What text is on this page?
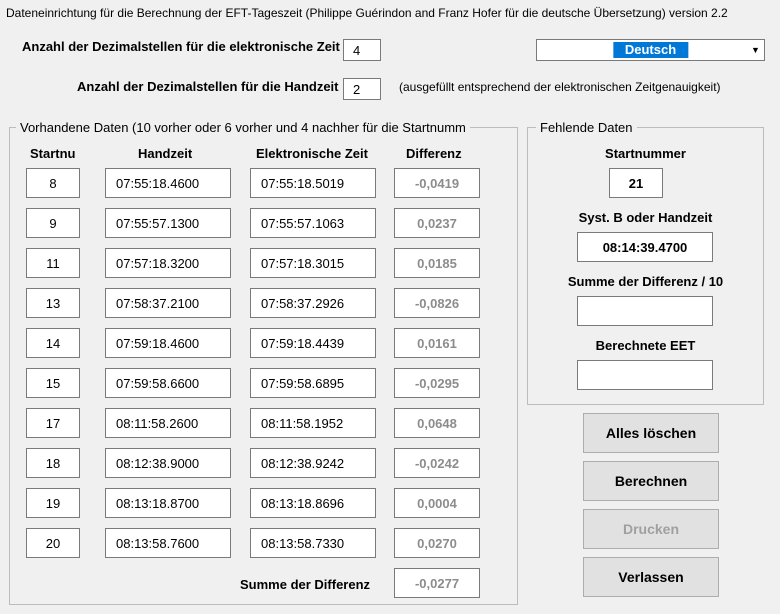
Dateneinrichtung für die Berechnung der EFT-Tageszeit (Philippe Guérindon and Franz Hofer für die deutsche Übersetzung) version 2.2
Anzahl der Dezimalstellen für die elektronische Zeit	4
Anzahl der Dezimalstellen für die Handzeit	2	(ausgefüllt entsprechend der elektronischen Zeitgenauigkeit)
Deutsch	▼
Vorhandene Daten (10 vorher oder 6 vorher und 4 nachher für die Startnumm
Startnu	Handzeit	Elektronische Zeit	Differenz
8	07:55:18.4600	07:55:18.5019	-0,0419
9	07:55:57.1300	07:55:57.1063	0,0237
11	07:57:18.3200	07:57:18.3015	0,0185
13	07:58:37.2100	07:58:37.2926	-0,0826
14	07:59:18.4600	07:59:18.4439	0,0161
15	07:59:58.6600	07:59:58.6895	-0,0295
17	08:11:58.2600	08:11:58.1952	0,0648
18	08:12:38.9000	08:12:38.9242	-0,0242
19	08:13:18.8700	08:13:18.8696	0,0004
20	08:13:58.7600	08:13:58.7330	0,0270
Summe der Differenz	-0,0277
Fehlende Daten
Startnummer
21
Syst. B oder Handzeit
08:14:39.4700
Summe der Differenz / 10
Berechnete EET
Alles löschen
Berechnen
Drucken
Verlassen
